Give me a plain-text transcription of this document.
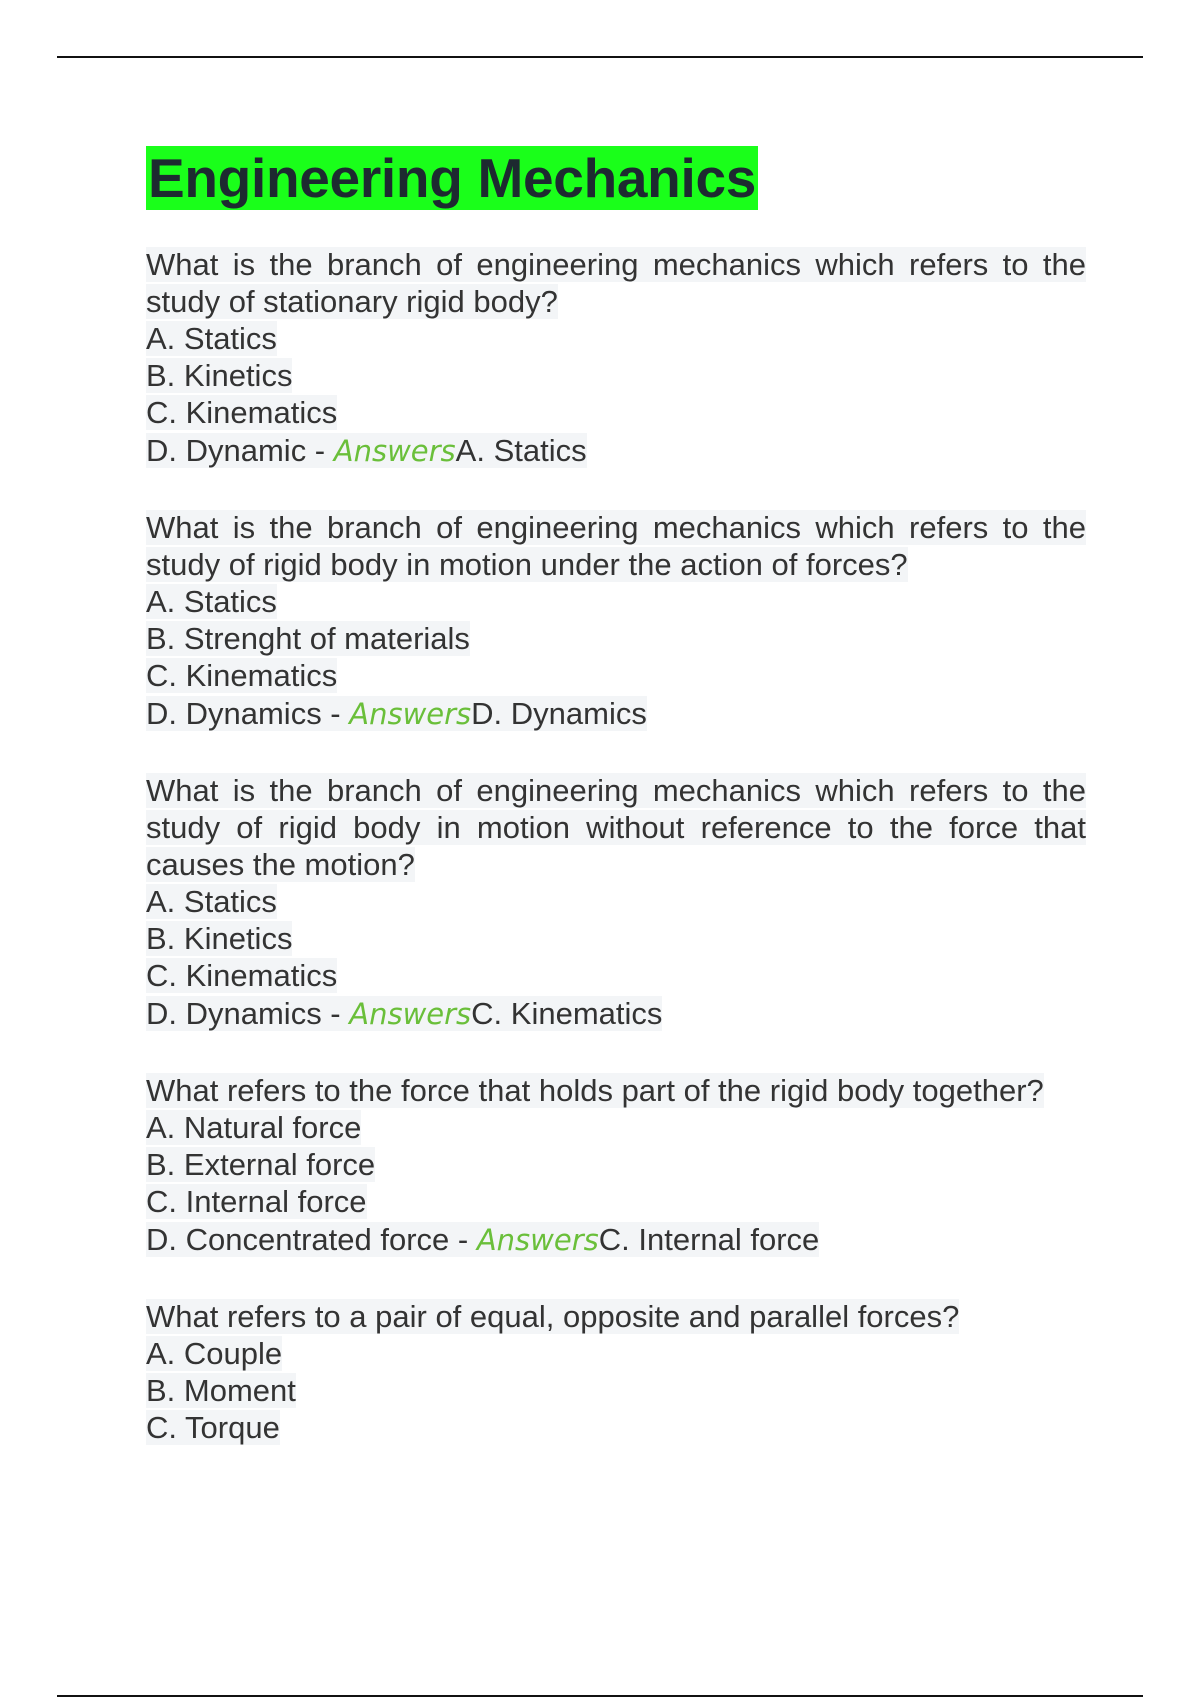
Engineering Mechanics
What is the branch of engineering mechanics which refers to the study of stationary rigid body?
A. Statics
B. Kinetics
C. Kinematics
D. Dynamic - AnswersA. Statics
What is the branch of engineering mechanics which refers to the study of rigid body in motion under the action of forces?
A. Statics
B. Strenght of materials
C. Kinematics
D. Dynamics - AnswersD. Dynamics
What is the branch of engineering mechanics which refers to the study of rigid body in motion without reference to the force that causes the motion?
A. Statics
B. Kinetics
C. Kinematics
D. Dynamics - AnswersC. Kinematics
What refers to the force that holds part of the rigid body together?
A. Natural force
B. External force
C. Internal force
D. Concentrated force - AnswersC. Internal force
What refers to a pair of equal, opposite and parallel forces?
A. Couple
B. Moment
C. Torque
